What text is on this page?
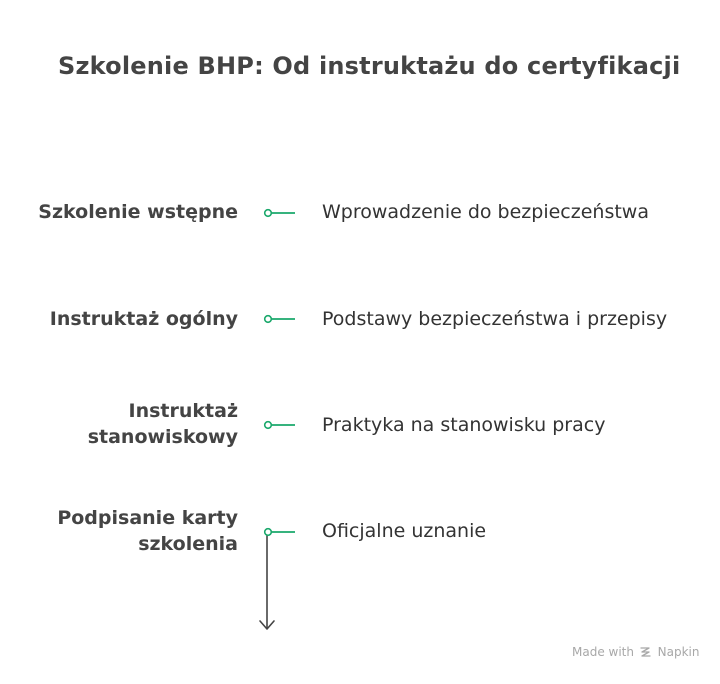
Szkolenie BHP: Od instruktażu do certyfikacji
Szkolenie wstępne	Wprowadzenie do bezpieczeństwa
Instruktaż ogólny	Podstawy bezpieczeństwa i przepisy
Instruktaż
stanowiskowy
Praktyka na stanowisku pracy
Podpisanie karty
szkolenia
Oficjalne uznanie
Made with Napkin
